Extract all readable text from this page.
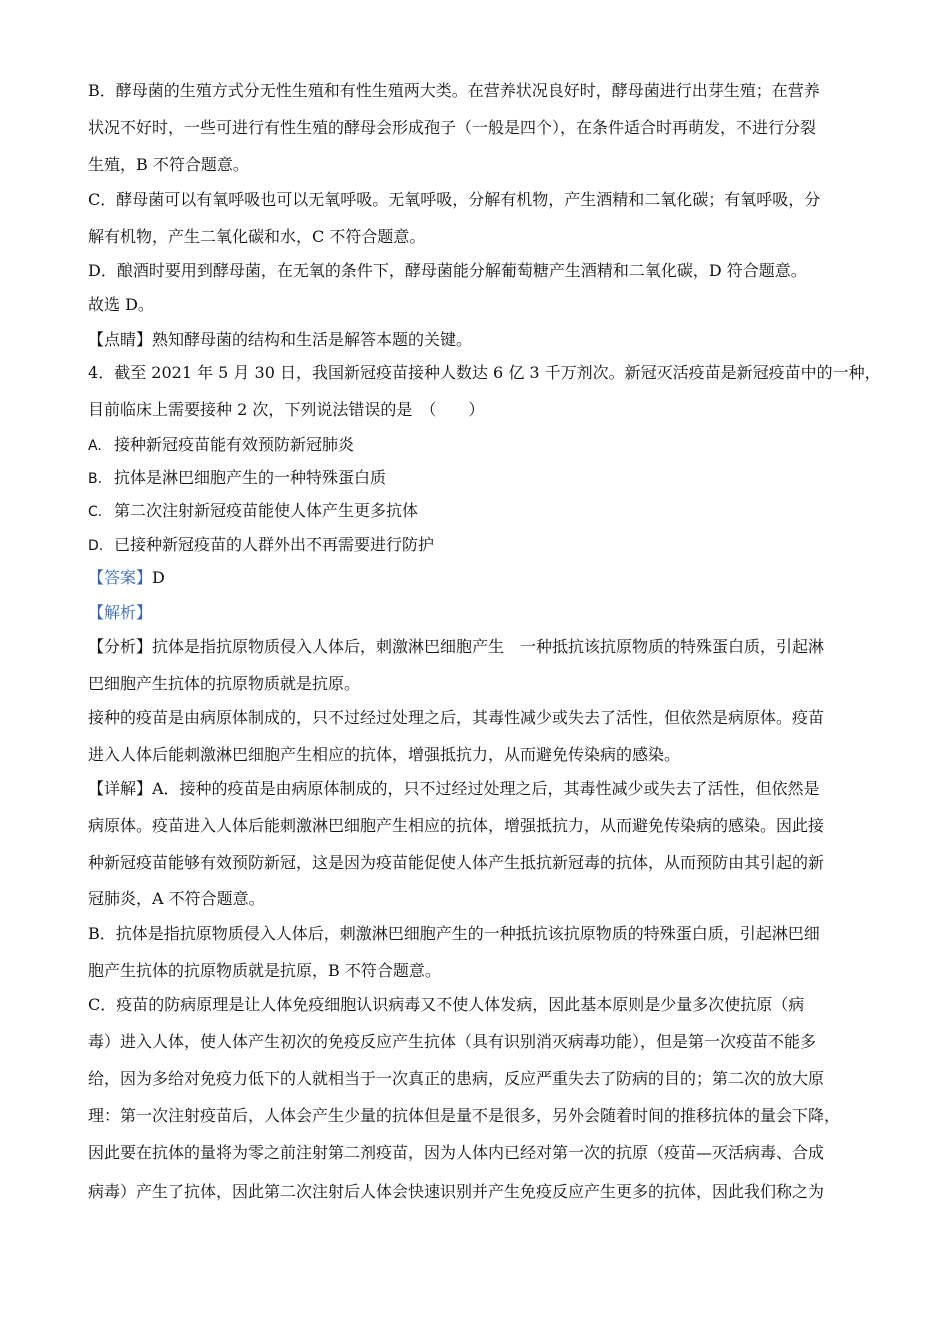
B．酵母菌的生殖方式分无性生殖和有性生殖两大类。在营养状况良好时，酵母菌进行出芽生殖；在营养
状况不好时，一些可进行有性生殖的酵母会形成孢子（一般是四个），在条件适合时再萌发，不进行分裂
生殖，B 不符合题意。
C．酵母菌可以有氧呼吸也可以无氧呼吸。无氧呼吸，分解有机物，产生酒精和二氧化碳；有氧呼吸，分
解有机物，产生二氧化碳和水，C 不符合题意。
D．酿酒时要用到酵母菌，在无氧的条件下，酵母菌能分解葡萄糖产生酒精和二氧化碳，D 符合题意。
故选 D。
【点睛】熟知酵母菌的结构和生活是解答本题的关键。
4．截至 2021 年 5 月 30 日，我国新冠疫苗接种人数达 6 亿 3 千万剂次。新冠灭活疫苗是新冠疫苗中的一种，
目前临床上需要接种 2 次，下列说法错误的是　（　　）
A. 接种新冠疫苗能有效预防新冠肺炎
B. 抗体是淋巴细胞产生的一种特殊蛋白质
C. 第二次注射新冠疫苗能使人体产生更多抗体
D. 已接种新冠疫苗的人群外出不再需要进行防护
【答案】D
【解析】
【分析】抗体是指抗原物质侵入人体后，刺激淋巴细胞产生　一种抵抗该抗原物质的特殊蛋白质，引起淋
巴细胞产生抗体的抗原物质就是抗原。
接种的疫苗是由病原体制成的，只不过经过处理之后，其毒性减少或失去了活性，但依然是病原体。疫苗
进入人体后能刺激淋巴细胞产生相应的抗体，增强抵抗力，从而避免传染病的感染。
【详解】A．接种的疫苗是由病原体制成的，只不过经过处理之后，其毒性减少或失去了活性，但依然是
病原体。疫苗进入人体后能刺激淋巴细胞产生相应的抗体，增强抵抗力，从而避免传染病的感染。因此接
种新冠疫苗能够有效预防新冠，这是因为疫苗能促使人体产生抵抗新冠毒的抗体，从而预防由其引起的新
冠肺炎，A 不符合题意。
B．抗体是指抗原物质侵入人体后，刺激淋巴细胞产生的一种抵抗该抗原物质的特殊蛋白质，引起淋巴细
胞产生抗体的抗原物质就是抗原，B 不符合题意。
C．疫苗的防病原理是让人体免疫细胞认识病毒又不使人体发病，因此基本原则是少量多次使抗原（病
毒）进入人体，使人体产生初次的免疫反应产生抗体（具有识别消灭病毒功能），但是第一次疫苗不能多
给，因为多给对免疫力低下的人就相当于一次真正的患病，反应严重失去了防病的目的；第二次的放大原
理：第一次注射疫苗后，人体会产生少量的抗体但是量不是很多，另外会随着时间的推移抗体的量会下降，
因此要在抗体的量将为零之前注射第二剂疫苗，因为人体内已经对第一次的抗原（疫苗—灭活病毒、合成
病毒）产生了抗体，因此第二次注射后人体会快速识别并产生免疫反应产生更多的抗体，因此我们称之为
